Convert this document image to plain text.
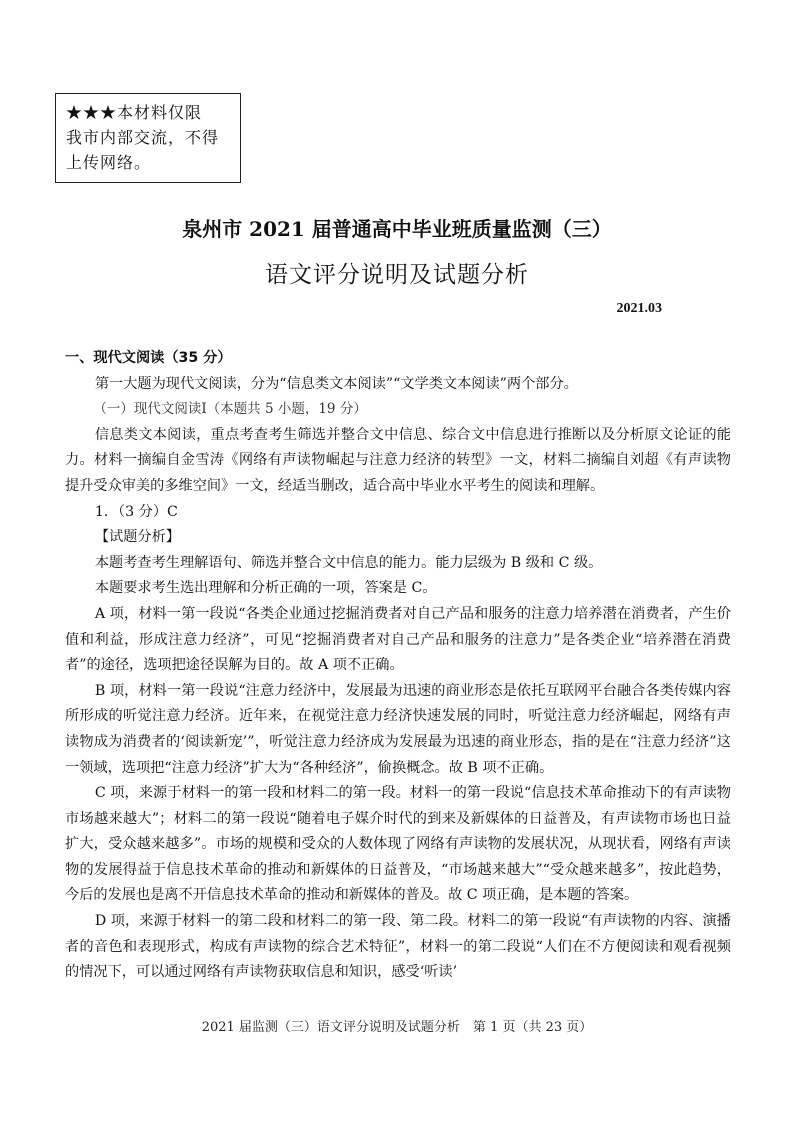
★★★本材料仅限
我市内部交流，不得
上传网络。
泉州市 2021 届普通高中毕业班质量监测（三）
语文评分说明及试题分析
2021.03

一、现代文阅读（35 分）

第一大题为现代文阅读，分为“信息类文本阅读”“文学类文本阅读”两个部分。

（一）现代文阅读Ⅰ（本题共 5 小题，19 分）

信息类文本阅读，重点考查考生筛选并整合文中信息、综合文中信息进行推断以及分析原文论证的能力。材料一摘编自金雪涛《网络有声读物崛起与注意力经济的转型》一文，材料二摘编自刘超《有声读物提升受众审美的多维空间》一文，经适当删改，适合高中毕业水平考生的阅读和理解。

1．（3 分）C

【试题分析】

本题考查考生理解语句、筛选并整合文中信息的能力。能力层级为 B 级和 C 级。

本题要求考生选出理解和分析正确的一项，答案是 C。

A 项，材料一第一段说“各类企业通过挖掘消费者对自己产品和服务的注意力培养潜在消费者，产生价值和利益，形成注意力经济”，可见“挖掘消费者对自己产品和服务的注意力”是各类企业“培养潜在消费者”的途径，选项把途径误解为目的。故 A 项不正确。

B 项，材料一第一段说“注意力经济中，发展最为迅速的商业形态是依托互联网平台融合各类传媒内容所形成的听觉注意力经济。近年来，在视觉注意力经济快速发展的同时，听觉注意力经济崛起，网络有声读物成为消费者的‘阅读新宠’”，听觉注意力经济成为发展最为迅速的商业形态，指的是在“注意力经济”这一领域，选项把“注意力经济”扩大为“各种经济”，偷换概念。故 B 项不正确。

C 项，来源于材料一的第一段和材料二的第一段。材料一的第一段说“信息技术革命推动下的有声读物市场越来越大”；材料二的第一段说“随着电子媒介时代的到来及新媒体的日益普及，有声读物市场也日益扩大，受众越来越多”。市场的规模和受众的人数体现了网络有声读物的发展状况，从现状看，网络有声读物的发展得益于信息技术革命的推动和新媒体的日益普及，“市场越来越大”“受众越来越多”，按此趋势，今后的发展也是离不开信息技术革命的推动和新媒体的普及。故 C 项正确，是本题的答案。

D 项，来源于材料一的第二段和材料二的第一段、第二段。材料二的第一段说“有声读物的内容、演播者的音色和表现形式，构成有声读物的综合艺术特征”，材料一的第二段说“人们在不方便阅读和观看视频的情况下，可以通过网络有声读物获取信息和知识，感受‘听读’

2021 届监测（三）语文评分说明及试题分析　第 1 页（共 23 页）
